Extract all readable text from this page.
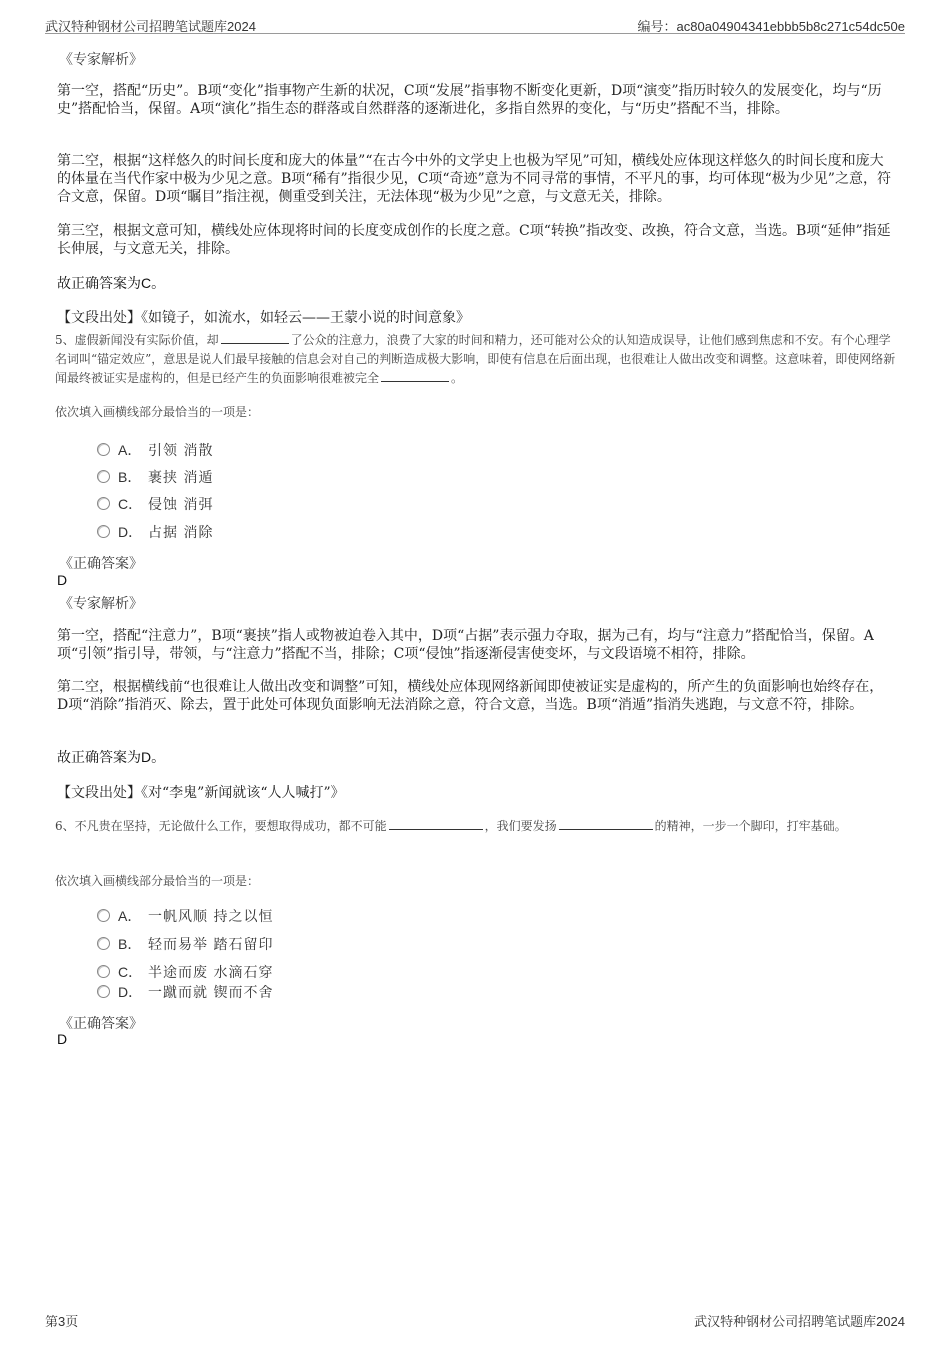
武汉特种钢材公司招聘笔试题库2024	编号：ac80a04904341ebbb5b8c271c54dc50e
《专家解析》
第一空，搭配“历史”。B项“变化”指事物产生新的状况，C项“发展”指事物不断变化更新，D项“演变”指历时较久的发展变化，均与“历史”搭配恰当，保留。A项“演化”指生态的群落或自然群落的逐渐进化，多指自然界的变化，与“历史”搭配不当，排除。
第二空，根据“这样悠久的时间长度和庞大的体量”“在古今中外的文学史上也极为罕见”可知，横线处应体现这样悠久的时间长度和庞大的体量在当代作家中极为少见之意。B项“稀有”指很少见，C项“奇迹”意为不同寻常的事情，不平凡的事，均可体现“极为少见”之意，符合文意，保留。D项“瞩目”指注视，侧重受到关注，无法体现“极为少见”之意，与文意无关，排除。
第三空，根据文意可知，横线处应体现将时间的长度变成创作的长度之意。C项“转换”指改变、改换，符合文意，当选。B项“延伸”指延长伸展，与文意无关，排除。
故正确答案为C。
【文段出处】《如镜子，如流水，如轻云——王蒙小说的时间意象》
5、虚假新闻没有实际价值，却	了公众的注意力，浪费了大家的时间和精力，还可能对公众的认知造成误导，让他们感到焦虑和不安。有个心理学名词叫“锚定效应”，意思是说人们最早接触的信息会对自己的判断造成极大影响，即使有信息在后面出现，也很难让人做出改变和调整。这意味着，即使网络新闻最终被证实是虚构的，但是已经产生的负面影响很难被完全	。
依次填入画横线部分最恰当的一项是：
A． 引领 消散
B． 裹挟 消遁
C． 侵蚀 消弭
D． 占据 消除
《正确答案》
D
《专家解析》
第一空，搭配“注意力”，B项“裹挟”指人或物被迫卷入其中，D项“占据”表示强力夺取，据为己有，均与“注意力”搭配恰当，保留。A项“引领”指引导，带领，与“注意力”搭配不当，排除；C项“侵蚀”指逐渐侵害使变坏，与文段语境不相符，排除。
第二空，根据横线前“也很难让人做出改变和调整”可知，横线处应体现网络新闻即使被证实是虚构的，所产生的负面影响也始终存在，D项“消除”指消灭、除去，置于此处可体现负面影响无法消除之意，符合文意，当选。B项“消遁”指消失逃跑，与文意不符，排除。
故正确答案为D。
【文段出处】《对“李鬼”新闻就该“人人喊打”》
6、不凡贵在坚持，无论做什么工作，要想取得成功，都不可能	，我们要发扬	的精神，一步一个脚印，打牢基础。
依次填入画横线部分最恰当的一项是：
A． 一帆风顺 持之以恒
B． 轻而易举 踏石留印
C． 半途而废 水滴石穿
D． 一蹴而就 锲而不舍
《正确答案》
D
第3页	武汉特种钢材公司招聘笔试题库2024
